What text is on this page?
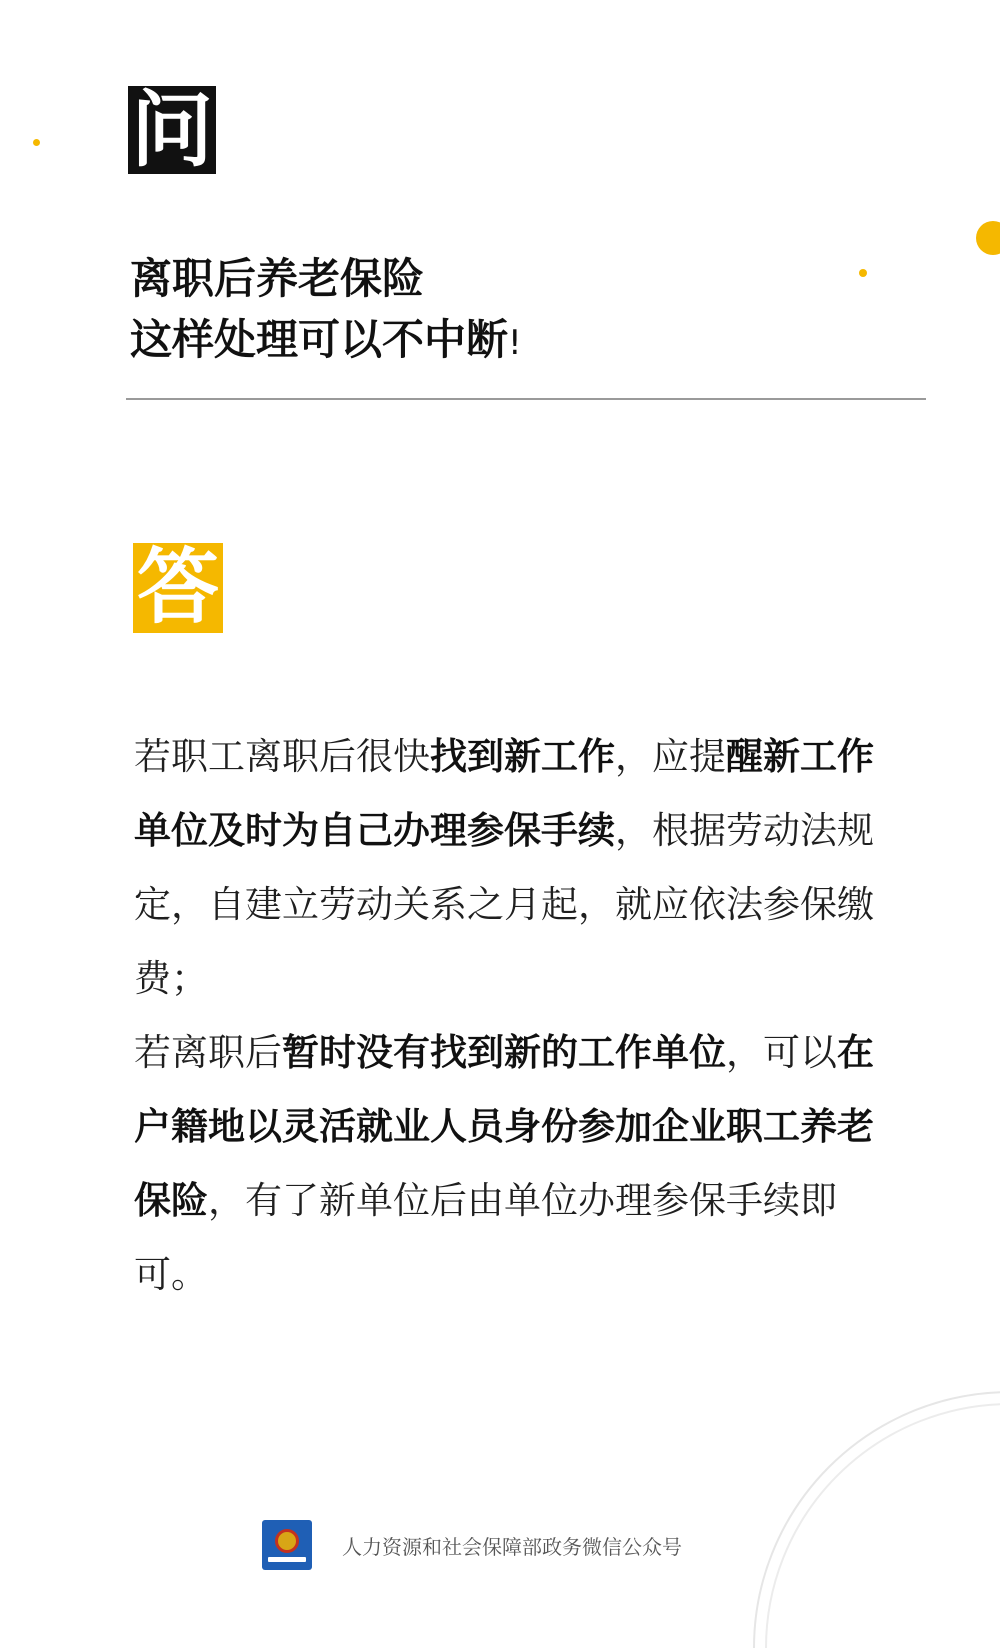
问
离职后养老保险
这样处理可以不中断!
答

若职工离职后很快找到新工作，应提醒新工作单位及时为自己办理参保手续，根据劳动法规定，自建立劳动关系之月起，就应依法参保缴费；

若离职后暂时没有找到新的工作单位，可以在户籍地以灵活就业人员身份参加企业职工养老保险，有了新单位后由单位办理参保手续即可。

人力资源和社会保障部政务微信公众号
